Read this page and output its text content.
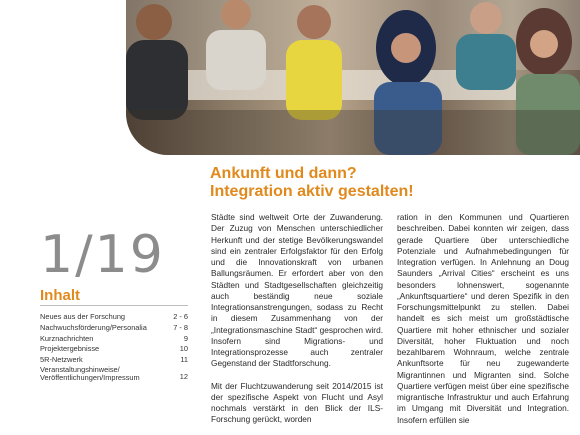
1/19
Inhalt
Neues aus der Forschung	2 - 6
Nachwuchsförderung/Personalia	7 - 8
Kurznachrichten	9
Projektergebnisse	10
5R-Netzwerk	11
Veranstaltungshinweise/
Veröffentlichungen/Impressum	12
Ankunft und dann?
Integration aktiv gestalten!

Städte sind weltweit Orte der Zuwanderung. Der Zuzug von Menschen unterschiedlicher Herkunft und der stetige Bevölkerungswandel sind ein zentraler Erfolgsfaktor für den Erfolg und die Innovationskraft von urbanen Ballungsräumen. Er erfordert aber von den Städten und Stadtgesellschaften gleichzeitig auch beständig neue soziale Integrationsanstrengungen, sodass zu Recht in diesem Zusammenhang von der „Integrationsmaschine Stadt“ gesprochen wird. Insofern sind Migrations- und Integrationsprozesse auch zentraler Gegenstand der Stadtforschung.

Mit der Fluchtzuwanderung seit 2014/2015 ist der spezifische Aspekt von Flucht und Asyl nochmals verstärkt in den Blick der ILS-Forschung gerückt, worden

ration in den Kommunen und Quartieren beschreiben. Dabei konnten wir zeigen, dass gerade Quartiere über unterschiedliche Potenziale und Aufnahmebedingungen für Integration verfügen. In Anlehnung an Doug Saunders „Arrival Cities“ erscheint es uns besonders lohnenswert, sogenannte „Ankunftsquartiere“ und deren Spezifik in den Forschungsmittelpunkt zu stellen. Dabei handelt es sich meist um großstädtische Quartiere mit hoher ethnischer und sozialer Diversität, hoher Fluktuation und noch bezahlbarem Wohnraum, welche zentrale Ankunftsorte für neu zugewanderte Migrantinnen und Migranten sind. Solche Quartiere verfügen meist über eine spezifische migrantische Infrastruktur und auch Erfahrung im Umgang mit Diversität und Integration. Insofern erfüllen sie
